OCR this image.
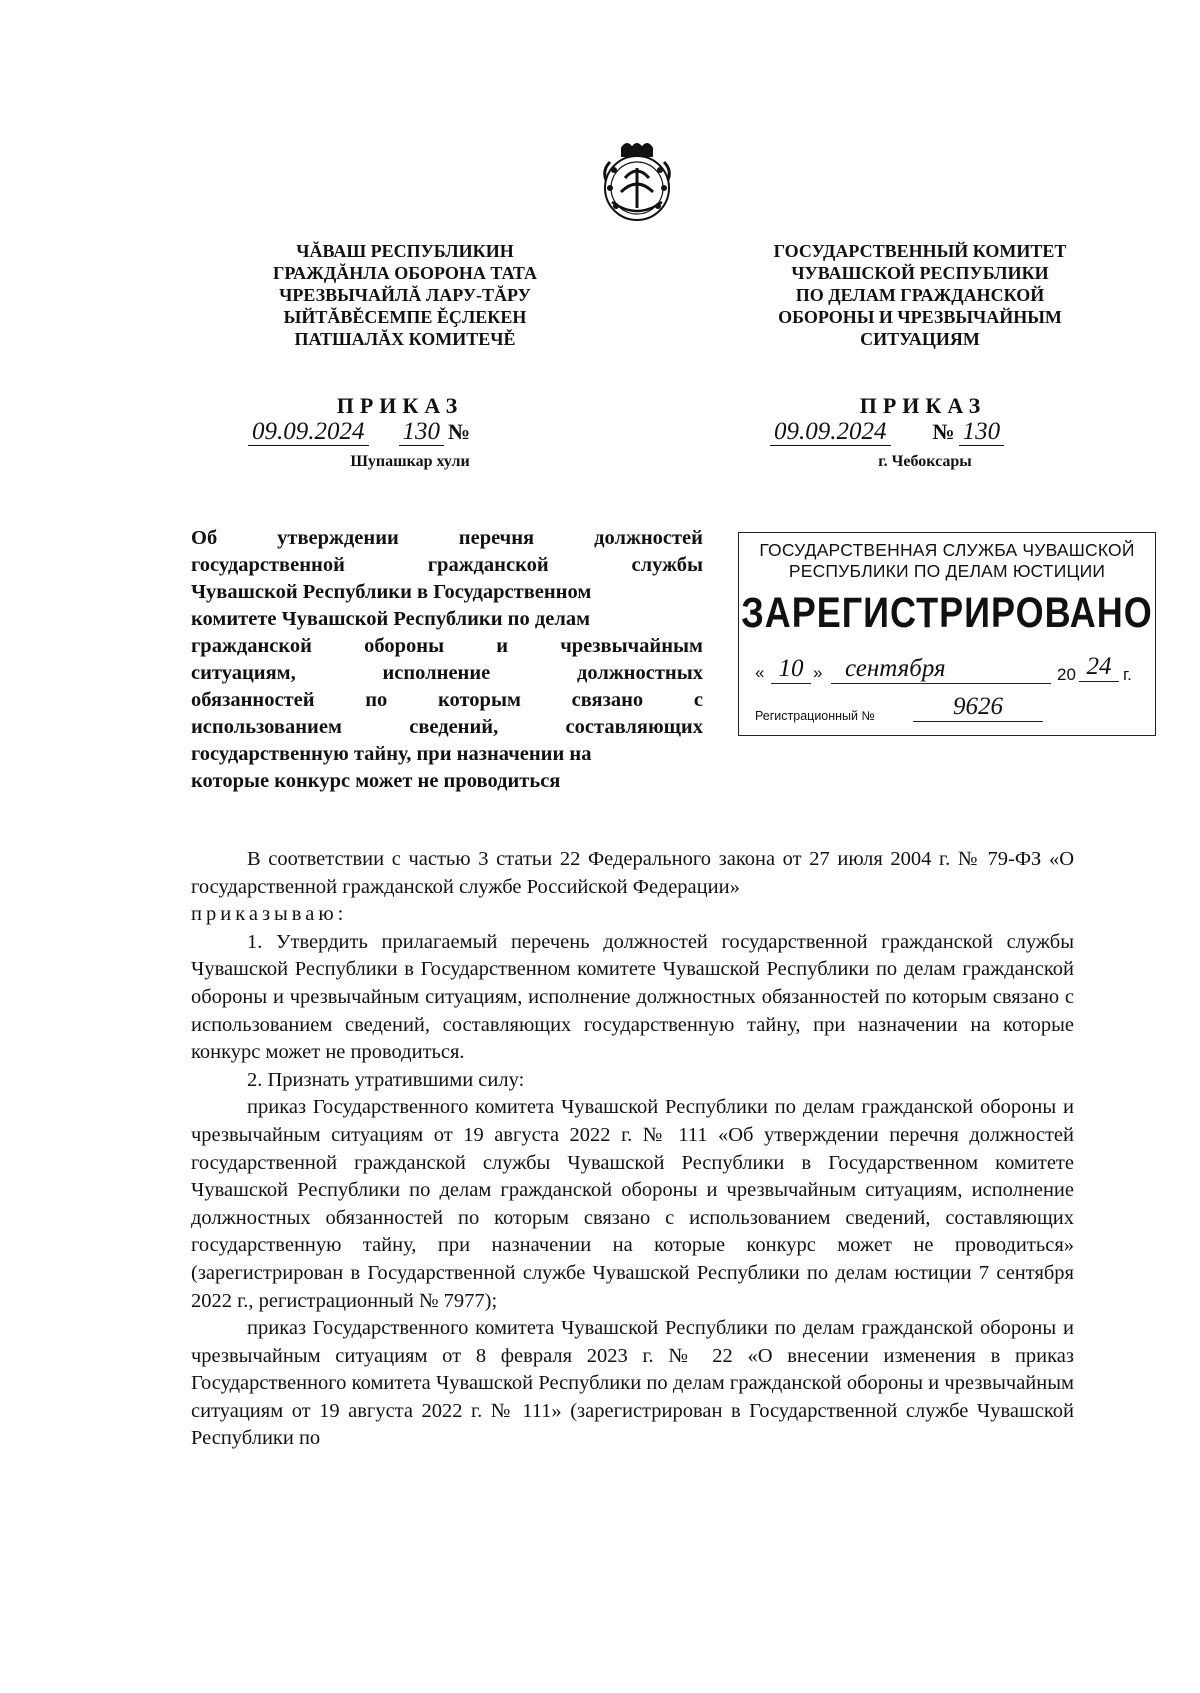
ЧĂВАШ РЕСПУБЛИКИН
ГРАЖДĂНЛА ОБОРОНА ТАТА
ЧРЕЗВЫЧАЙЛĂ ЛАРУ-ТĂРУ
ЫЙТĂВĚСЕМПЕ ĚҪЛЕКЕН
ПАТШАЛĂХ КОМИТЕЧĚ
ГОСУДАРСТВЕННЫЙ КОМИТЕТ
ЧУВАШСКОЙ РЕСПУБЛИКИ
ПО ДЕЛАМ ГРАЖДАНСКОЙ
ОБОРОНЫ И ЧРЕЗВЫЧАЙНЫМ
СИТУАЦИЯМ
ПРИКАЗ	ПРИКАЗ
09.09.2024 130 №
Шупашкар хули
09.09.2024 № 130
г. Чебоксары
Об	утверждении	перечня	должностей
государственной	гражданской	службы
Чувашской Республики в Государственном
комитете Чувашской Республики по делам
гражданской	обороны	и	чрезвычайным
ситуациям,	исполнение	должностных
обязанностей по которым связано с
использованием	сведений,	составляющих
государственную тайну, при назначении на
которые конкурс может не проводиться
ГОСУДАРСТВЕННАЯ СЛУЖБА ЧУВАШСКОЙ
РЕСПУБЛИКИ ПО ДЕЛАМ ЮСТИЦИИ
ЗАРЕГИСТРИРОВАНО
« 10 » сентября	20 24 г.
Регистрационный №	9626

В соответствии с частью 3 статьи 22 Федерального закона от 27 июля 2004 г. № 79-ФЗ «О государственной гражданской службе Российской Федерации»

приказываю:

1. Утвердить прилагаемый перечень должностей государственной гражданской службы Чувашской Республики в Государственном комитете Чувашской Республики по делам гражданской обороны и чрезвычайным ситуациям, исполнение должностных обязанностей по которым связано с использованием сведений, составляющих государственную тайну, при назначении на которые конкурс может не проводиться.

2. Признать утратившими силу:

приказ Государственного комитета Чувашской Республики по делам гражданской обороны и чрезвычайным ситуациям от 19 августа 2022 г. № 111 «Об утверждении перечня должностей государственной гражданской службы Чувашской Республики в Государственном комитете Чувашской Республики по делам гражданской обороны и чрезвычайным ситуациям, исполнение должностных обязанностей по которым связано с использованием сведений, составляющих государственную тайну, при назначении на которые конкурс может не проводиться» (зарегистрирован в Государственной службе Чувашской Республики по делам юстиции 7 сентября 2022 г., регистрационный № 7977);

приказ Государственного комитета Чувашской Республики по делам гражданской обороны и чрезвычайным ситуациям от 8 февраля 2023 г. № 22 «О внесении изменения в приказ Государственного комитета Чувашской Республики по делам гражданской обороны и чрезвычайным ситуациям от 19 августа 2022 г. № 111» (зарегистрирован в Государственной службе Чувашской Республики по
